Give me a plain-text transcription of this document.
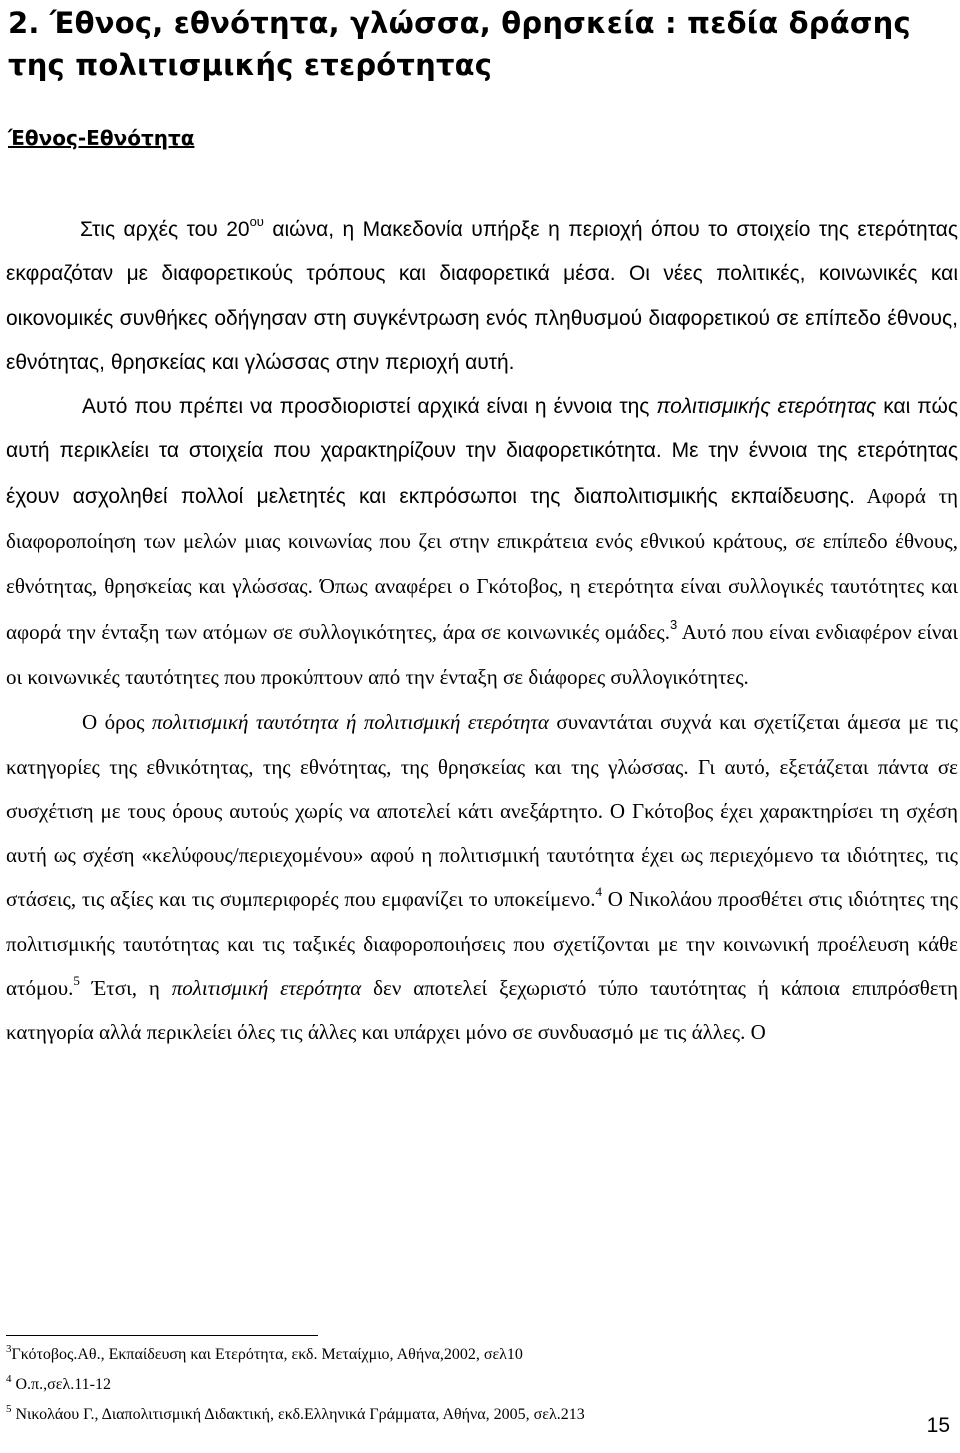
2. Έθνος, εθνότητα, γλώσσα, θρησκεία : πεδία δράσης της πολιτισμικής ετερότητας
Έθνος-Εθνότητα

Στις αρχές του $20^{o\upsilon}$ αιώνα, η Μακεδονία υπήρξε η περιοχή όπου το στοιχείο της ετερότητας εκφραζόταν με διαφορετικούς τρόπους και διαφορετικά μέσα. Οι νέες πολιτικές, κοινωνικές και οικονομικές συνθήκες οδήγησαν στη συγκέντρωση ενός πληθυσμού διαφορετικού σε επίπεδο έθνους, εθνότητας, θρησκείας και γλώσσας στην περιοχή αυτή.

Αυτό που πρέπει να προσδιοριστεί αρχικά είναι η έννοια της πολιτισμικής ετερότητας και πώς αυτή περικλείει τα στοιχεία που χαρακτηρίζουν την διαφορετικότητα. Με την έννοια της ετερότητας έχουν ασχοληθεί πολλοί μελετητές και εκπρόσωποι της διαπολιτισμικής εκπαίδευσης. Αφορά τη διαφοροποίηση των μελών μιας κοινωνίας που ζει στην επικράτεια ενός εθνικού κράτους, σε επίπεδο έθνους, εθνότητας, θρησκείας και γλώσσας. Όπως αναφέρει ο Γκότοβος, η ετερότητα είναι συλλογικές ταυτότητες και αφορά την ένταξη των ατόμων σε συλλογικότητες, άρα σε κοινωνικές ομάδες.$^3$ Αυτό που είναι ενδιαφέρον είναι οι κοινωνικές ταυτότητες που προκύπτουν από την ένταξη σε διάφορες συλλογικότητες.

Ο όρος πολιτισμική ταυτότητα ή πολιτισμική ετερότητα συναντάται συχνά και σχετίζεται άμεσα με τις κατηγορίες της εθνικότητας, της εθνότητας, της θρησκείας και της γλώσσας. Γι αυτό, εξετάζεται πάντα σε συσχέτιση με τους όρους αυτούς χωρίς να αποτελεί κάτι ανεξάρτητο. Ο Γκότοβος έχει χαρακτηρίσει τη σχέση αυτή ως σχέση «κελύφους/περιεχομένου» αφού η πολιτισμική ταυτότητα έχει ως περιεχόμενο τα ιδιότητες, τις στάσεις, τις αξίες και τις συμπεριφορές που εμφανίζει το υποκείμενο.$^4$ Ο Νικολάου προσθέτει στις ιδιότητες της πολιτισμικής ταυτότητας και τις ταξικές διαφοροποιήσεις που σχετίζονται με την κοινωνική προέλευση κάθε ατόμου.$^5$ Έτσι, η πολιτισμική ετερότητα δεν αποτελεί ξεχωριστό τύπο ταυτότητας ή κάποια επιπρόσθετη κατηγορία αλλά περικλείει όλες τις άλλες και υπάρχει μόνο σε συνδυασμό με τις άλλες. Ο

$^3$Γκότοβος.Αθ., Εκπαίδευση και Ετερότητα, εκδ. Μεταίχμιο, Αθήνα,2002, σελ10
$^4$ Ο.π.,σελ.11-12
$^5$ Νικολάου Γ., Διαπολιτισμική Διδακτική, εκδ.Ελληνικά Γράμματα, Αθήνα, 2005, σελ.213	15
